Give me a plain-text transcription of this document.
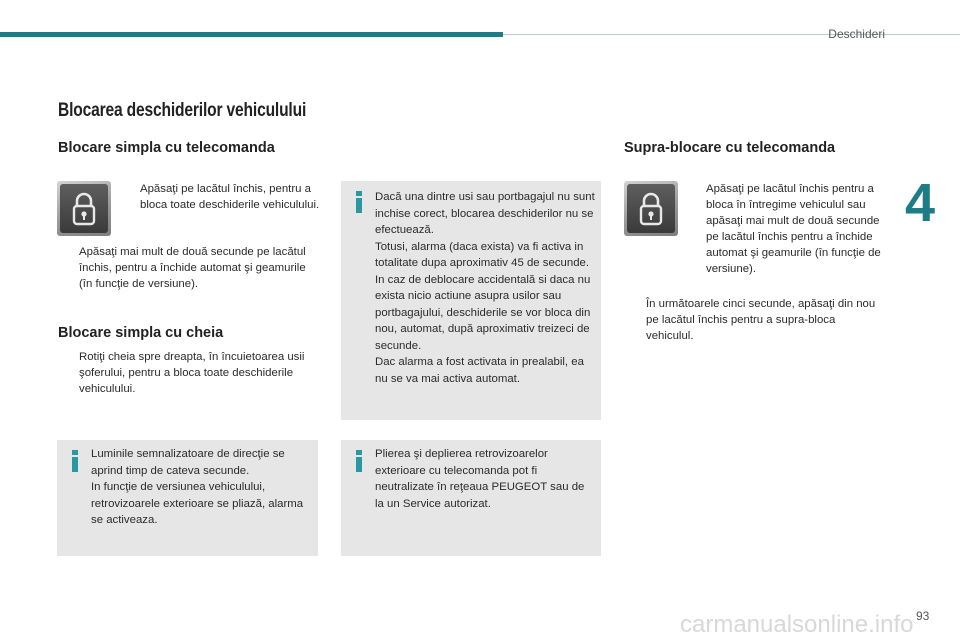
Deschideri
4
Blocarea deschiderilor vehiculului
Blocare simpla cu telecomanda
Apăsaţi pe lacătul închis, pentru a bloca toate deschiderile vehiculului.
Apăsaţi mai mult de două secunde pe lacătul închis, pentru a închide automat şi geamurile (în funcţie de versiune).
Blocare simpla cu cheia
Rotiţi cheia spre dreapta, în încuietoarea usii şoferului, pentru a bloca toate deschiderile vehiculului.
Luminile semnalizatoare de direcţie se aprind timp de cateva secunde.
In funcţie de versiunea vehiculului, retrovizoarele exterioare se pliază, alarma se activeaza.
Dacă una dintre usi sau portbagajul nu sunt inchise corect, blocarea deschiderilor nu se efectuează.
Totusi, alarma (daca exista) va fi activa in totalitate dupa aproximativ 45 de secunde.
In caz de deblocare accidentală si daca nu exista nicio actiune asupra usilor sau portbagajului, deschiderile se vor bloca din nou, automat, după aproximativ treizeci de secunde.
Dac alarma a fost activata in prealabil, ea nu se va mai activa automat.
Plierea şi deplierea retrovizoarelor exterioare cu telecomanda pot fi neutralizate în reţeaua PEUGEOT sau de la un Service autorizat.
Supra-blocare cu telecomanda
Apăsaţi pe lacătul închis pentru a bloca în întregime vehiculul sau apăsaţi mai mult de două secunde pe lacătul închis pentru a închide automat şi geamurile (în funcţie de versiune).
În următoarele cinci secunde, apăsaţi din nou pe lacătul închis pentru a supra-bloca vehiculul.
carmanualsonline.info 93
